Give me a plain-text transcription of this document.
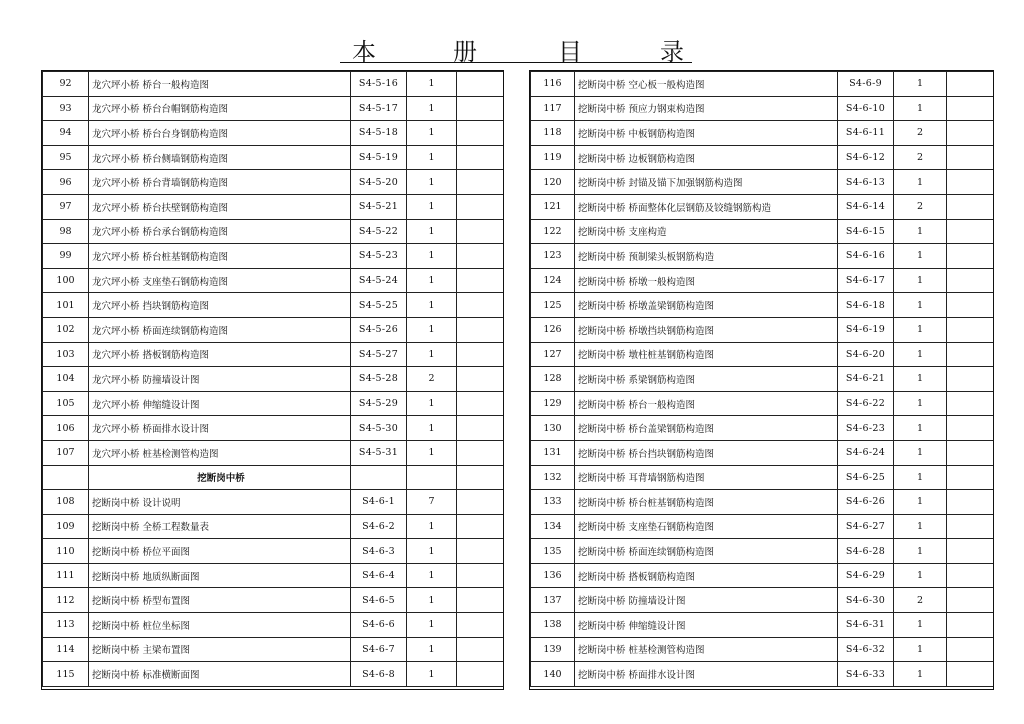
本	册	目	录
92	龙穴坪小桥 桥台一般构造图	S4-5-16	1	
93	龙穴坪小桥 桥台台帽钢筋构造图	S4-5-17	1	
94	龙穴坪小桥 桥台台身钢筋构造图	S4-5-18	1	
95	龙穴坪小桥 桥台侧墙钢筋构造图	S4-5-19	1	
96	龙穴坪小桥 桥台背墙钢筋构造图	S4-5-20	1	
97	龙穴坪小桥 桥台扶壁钢筋构造图	S4-5-21	1	
98	龙穴坪小桥 桥台承台钢筋构造图	S4-5-22	1	
99	龙穴坪小桥 桥台桩基钢筋构造图	S4-5-23	1	
100	龙穴坪小桥 支座垫石钢筋构造图	S4-5-24	1	
101	龙穴坪小桥 挡块钢筋构造图	S4-5-25	1	
102	龙穴坪小桥 桥面连续钢筋构造图	S4-5-26	1	
103	龙穴坪小桥 搭板钢筋构造图	S4-5-27	1	
104	龙穴坪小桥 防撞墙设计图	S4-5-28	2	
105	龙穴坪小桥 伸缩缝设计图	S4-5-29	1	
106	龙穴坪小桥 桥面排水设计图	S4-5-30	1	
107	龙穴坪小桥 桩基检测管构造图	S4-5-31	1	
	挖断岗中桥			
108	挖断岗中桥 设计说明	S4-6-1	7	
109	挖断岗中桥 全桥工程数量表	S4-6-2	1	
110	挖断岗中桥 桥位平面图	S4-6-3	1	
111	挖断岗中桥 地质纵断面图	S4-6-4	1	
112	挖断岗中桥 桥型布置图	S4-6-5	1	
113	挖断岗中桥 桩位坐标图	S4-6-6	1	
114	挖断岗中桥 主梁布置图	S4-6-7	1	
115	挖断岗中桥 标准横断面图	S4-6-8	1	
116	挖断岗中桥 空心板一般构造图	S4-6-9	1	
117	挖断岗中桥 预应力钢束构造图	S4-6-10	1	
118	挖断岗中桥 中板钢筋构造图	S4-6-11	2	
119	挖断岗中桥 边板钢筋构造图	S4-6-12	2	
120	挖断岗中桥 封锚及锚下加强钢筋构造图	S4-6-13	1	
121	挖断岗中桥 桥面整体化层钢筋及铰缝钢筋构造	S4-6-14	2	
122	挖断岗中桥 支座构造	S4-6-15	1	
123	挖断岗中桥 预制梁头板钢筋构造	S4-6-16	1	
124	挖断岗中桥 桥墩一般构造图	S4-6-17	1	
125	挖断岗中桥 桥墩盖梁钢筋构造图	S4-6-18	1	
126	挖断岗中桥 桥墩挡块钢筋构造图	S4-6-19	1	
127	挖断岗中桥 墩柱桩基钢筋构造图	S4-6-20	1	
128	挖断岗中桥 系梁钢筋构造图	S4-6-21	1	
129	挖断岗中桥 桥台一般构造图	S4-6-22	1	
130	挖断岗中桥 桥台盖梁钢筋构造图	S4-6-23	1	
131	挖断岗中桥 桥台挡块钢筋构造图	S4-6-24	1	
132	挖断岗中桥 耳背墙钢筋构造图	S4-6-25	1	
133	挖断岗中桥 桥台桩基钢筋构造图	S4-6-26	1	
134	挖断岗中桥 支座垫石钢筋构造图	S4-6-27	1	
135	挖断岗中桥 桥面连续钢筋构造图	S4-6-28	1	
136	挖断岗中桥 搭板钢筋构造图	S4-6-29	1	
137	挖断岗中桥 防撞墙设计图	S4-6-30	2	
138	挖断岗中桥 伸缩缝设计图	S4-6-31	1	
139	挖断岗中桥 桩基检测管构造图	S4-6-32	1	
140	挖断岗中桥 桥面排水设计图	S4-6-33	1	
